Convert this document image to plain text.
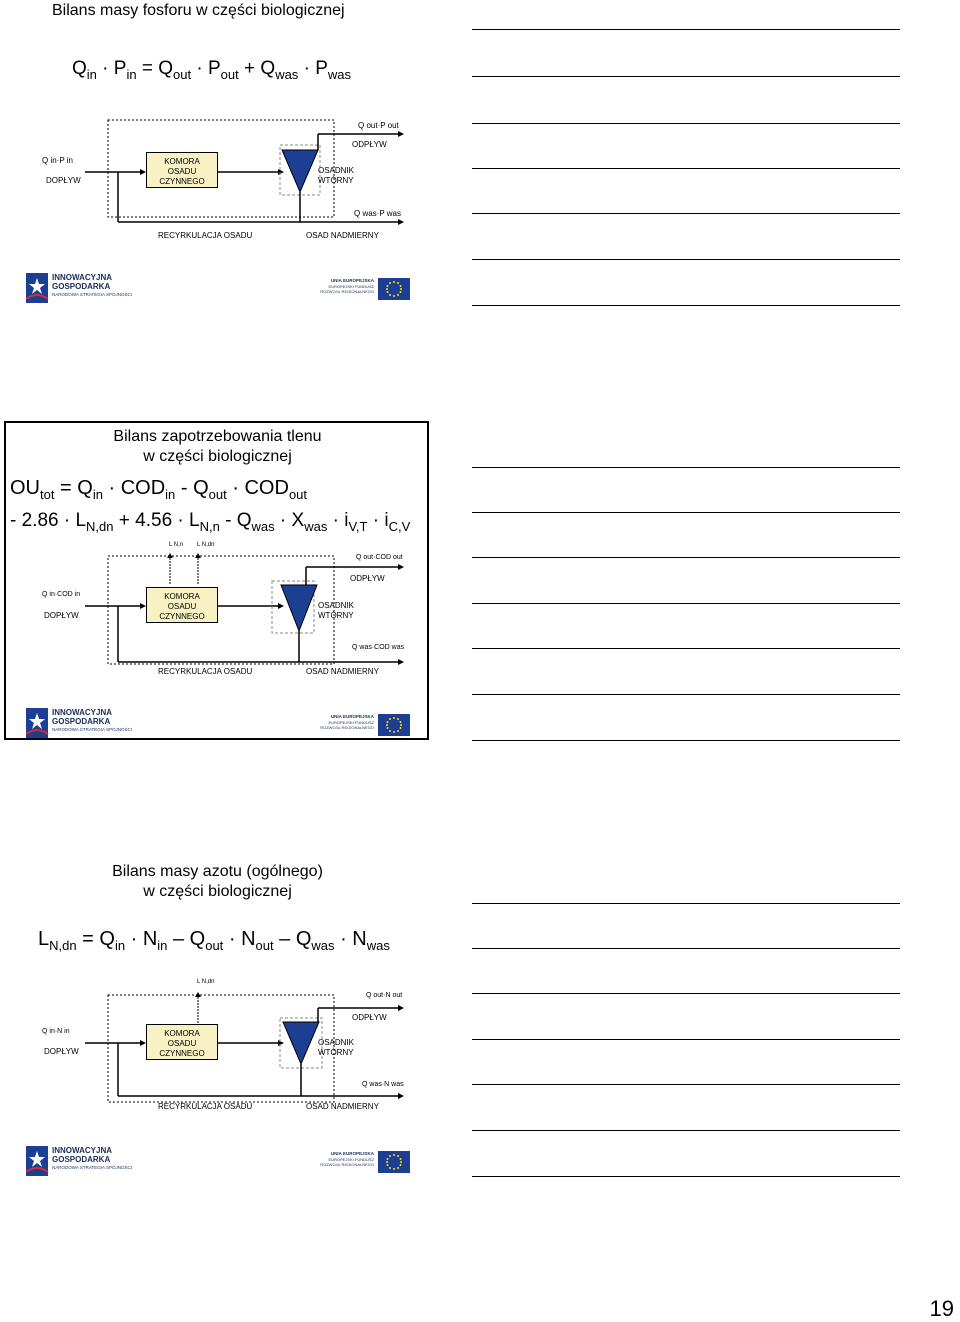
Bilans masy fosforu w części biologicznej
$Q_{in} \cdot P_{in} = Q_{out} \cdot P_{out} + Q_{was} \cdot P_{was}$
KOMORA
OSADU
CZYNNEGO
OSADNIK
WTÓRNY
Q in·P in
DOPŁYW
Q out·P out
ODPŁYW
Q was·P was
RECYRKULACJA OSADU	OSAD NADMIERNY
INNOWACYJNA
GOSPODARKA
NARODOWA STRATEGIA SPÓJNOŚCI
UNIA EUROPEJSKA
EUROPEJSKI FUNDUSZ
ROZWOJU REGIONALNEGO
Bilans zapotrzebowania tlenu
w części biologicznej
$OU_{tot} = Q_{in} \cdot COD_{in} - Q_{out} \cdot COD_{out}$
- $2.86 \cdot L_{N,dn} + 4.56 \cdot L_{N,n} - Q_{was} \cdot X_{was} \cdot i_{V,T} \cdot i_{C,V}$
L N,n L N,dn
KOMORA
OSADU
CZYNNEGO
OSADNIK
WTÓRNY
Q in·COD in
DOPŁYW
Q out·COD out
ODPŁYW
Q was·COD was
RECYRKULACJA OSADU	OSAD NADMIERNY
INNOWACYJNA
GOSPODARKA
NARODOWA STRATEGIA SPÓJNOŚCI
UNIA EUROPEJSKA
EUROPEJSKI FUNDUSZ
ROZWOJU REGIONALNEGO
Bilans masy azotu (ogólnego)
w części biologicznej
$L_{N,dn} = Q_{in} \cdot N_{in} - Q_{out} \cdot N_{out} - Q_{was} \cdot N_{was}$
L N,dn
KOMORA
OSADU
CZYNNEGO
OSADNIK
WTÓRNY
Q in·N in
DOPŁYW
Q out·N out
ODPŁYW
Q was·N was
RECYRKULACJA OSADU	OSAD NADMIERNY
INNOWACYJNA
GOSPODARKA
NARODOWA STRATEGIA SPÓJNOŚCI
UNIA EUROPEJSKA
EUROPEJSKI FUNDUSZ
ROZWOJU REGIONALNEGO
19
